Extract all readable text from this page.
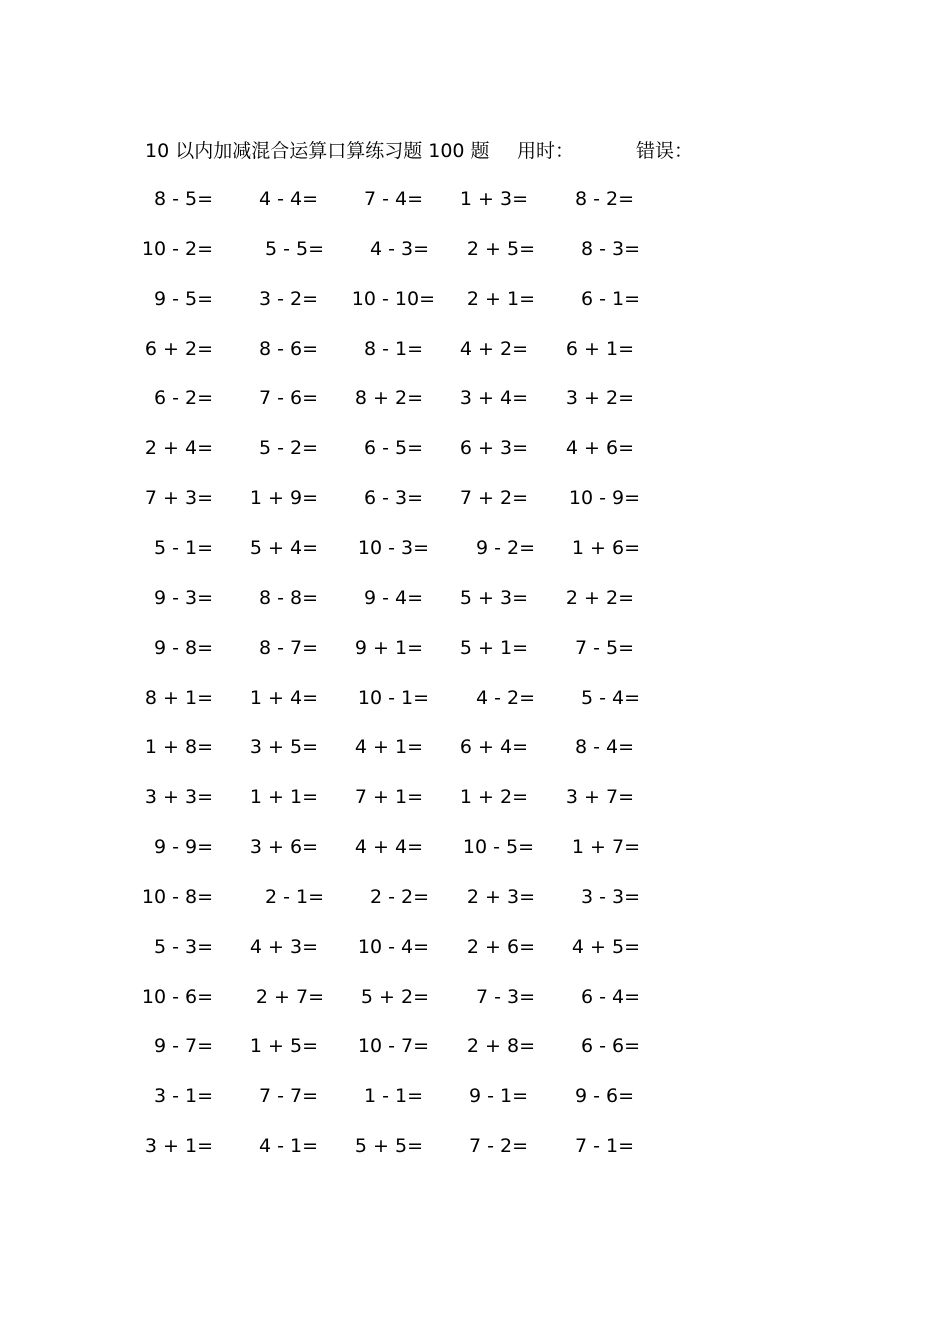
10 以内加减混合运算口算练习题 100 题 用时：	错误：
8 - 5= 4 - 4= 7 - 4= 1 + 3= 8 - 2=
10 - 2=	5 - 5= 4 - 3= 2 + 5= 8 - 3=
9 - 5= 3 - 2= 10 - 10= 2 + 1= 6 - 1=
6 + 2= 8 - 6= 8 - 1= 4 + 2= 6 + 1=
6 - 2= 7 - 6= 8 + 2= 3 + 4= 3 + 2=
2 + 4= 5 - 2= 6 - 5= 6 + 3= 4 + 6=
7 + 3= 1 + 9= 6 - 3= 7 + 2= 10 - 9=
5 - 1= 5 + 4= 10 - 3= 9 - 2= 1 + 6=
9 - 3= 8 - 8= 9 - 4= 5 + 3= 2 + 2=
9 - 8= 8 - 7= 9 + 1= 5 + 1= 7 - 5=
8 + 1= 1 + 4= 10 - 1= 4 - 2= 5 - 4=
1 + 8= 3 + 5= 4 + 1= 6 + 4= 8 - 4=
3 + 3= 1 + 1= 7 + 1= 1 + 2= 3 + 7=
9 - 9= 3 + 6= 4 + 4= 10 - 5= 1 + 7=
10 - 8=	2 - 1= 2 - 2= 2 + 3= 3 - 3=
5 - 3= 4 + 3= 10 - 4= 2 + 6= 4 + 5=
10 - 6= 2 + 7= 5 + 2= 7 - 3= 6 - 4=
9 - 7= 1 + 5= 10 - 7= 2 + 8= 6 - 6=
3 - 1= 7 - 7= 1 - 1= 9 - 1= 9 - 6=
3 + 1= 4 - 1= 5 + 5= 7 - 2= 7 - 1=
